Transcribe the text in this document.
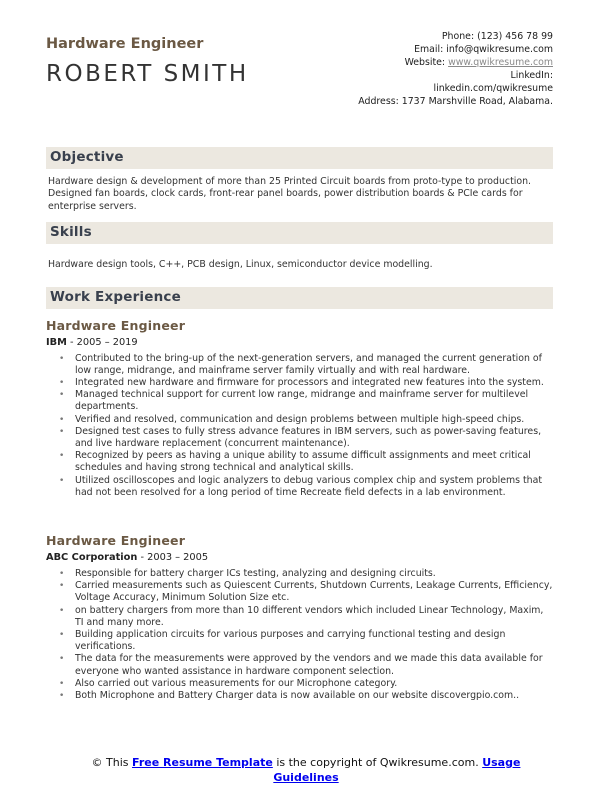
Hardware Engineer
ROBERT SMITH
Phone: (123) 456 78 99
Email: info@qwikresume.com
Website: www.qwikresume.com
LinkedIn:
linkedin.com/qwikresume
Address: 1737 Marshville Road, Alabama.
Objective
Hardware design & development of more than 25 Printed Circuit boards from proto-type to production. Designed fan boards, clock cards, front-rear panel boards, power distribution boards & PCIe cards for enterprise servers.
Skills
Hardware design tools, C++, PCB design, Linux, semiconductor device modelling.
Work Experience
Hardware Engineer
IBM - 2005 – 2019
• Contributed to the bring-up of the next-generation servers, and managed the current generation of low range, midrange, and mainframe server family virtually and with real hardware.
• Integrated new hardware and firmware for processors and integrated new features into the system.
• Managed technical support for current low range, midrange and mainframe server for multilevel departments.
• Verified and resolved, communication and design problems between multiple high-speed chips.
• Designed test cases to fully stress advance features in IBM servers, such as power-saving features, and live hardware replacement (concurrent maintenance).
• Recognized by peers as having a unique ability to assume difficult assignments and meet critical schedules and having strong technical and analytical skills.
• Utilized oscilloscopes and logic analyzers to debug various complex chip and system problems that had not been resolved for a long period of time Recreate field defects in a lab environment.
Hardware Engineer
ABC Corporation - 2003 – 2005
• Responsible for battery charger ICs testing, analyzing and designing circuits.
• Carried measurements such as Quiescent Currents, Shutdown Currents, Leakage Currents, Efficiency, Voltage Accuracy, Minimum Solution Size etc.
• on battery chargers from more than 10 different vendors which included Linear Technology, Maxim, TI and many more.
• Building application circuits for various purposes and carrying functional testing and design verifications.
• The data for the measurements were approved by the vendors and we made this data available for everyone who wanted assistance in hardware component selection.
• Also carried out various measurements for our Microphone category.
• Both Microphone and Battery Charger data is now available on our website discovergpio.com..
© This Free Resume Template is the copyright of Qwikresume.com. Usage Guidelines
